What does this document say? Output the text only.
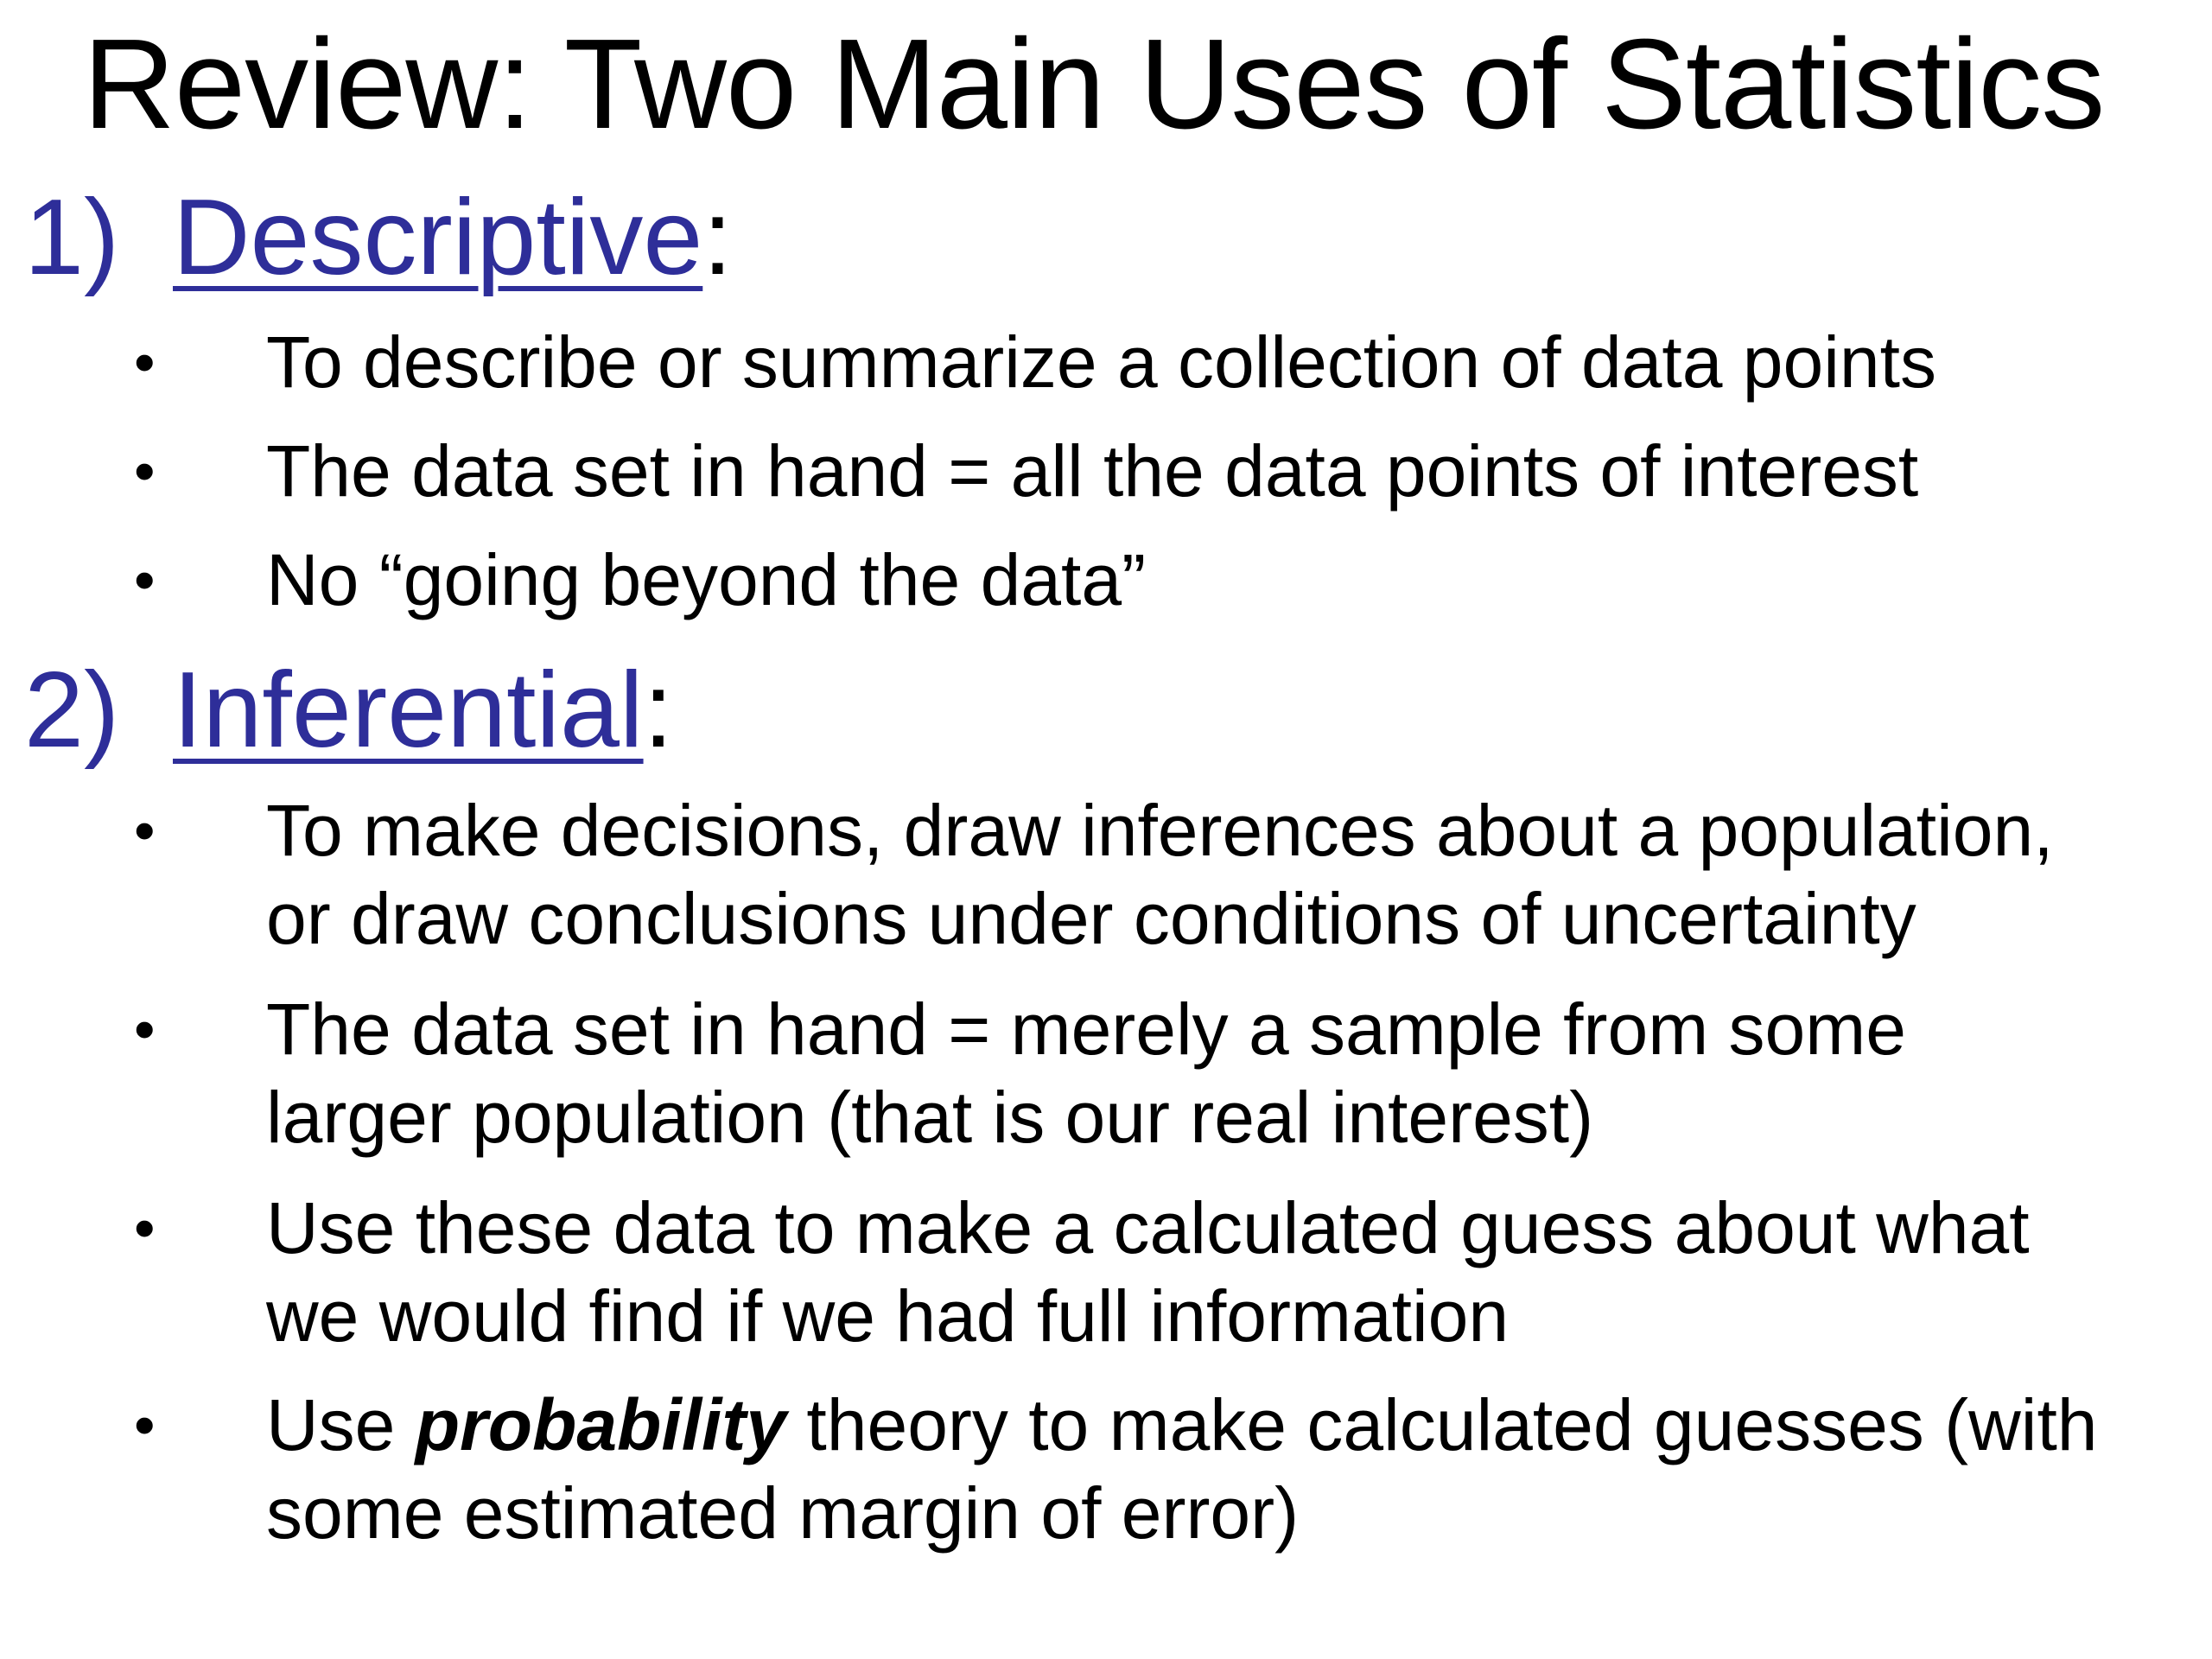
Review: Two Main Uses of Statistics
1) Descriptive:
•	To describe or summarize a collection of data points
•	The data set in hand = all the data points of interest
•	No “going beyond the data”
2) Inferential:
•	To make decisions, draw inferences about a population,
or draw conclusions under conditions of uncertainty
•	The data set in hand = merely a sample from some
larger population (that is our real interest)
•	Use these data to make a calculated guess about what
we would find if we had full information
•	Use probability theory to make calculated guesses (with
some estimated margin of error)
